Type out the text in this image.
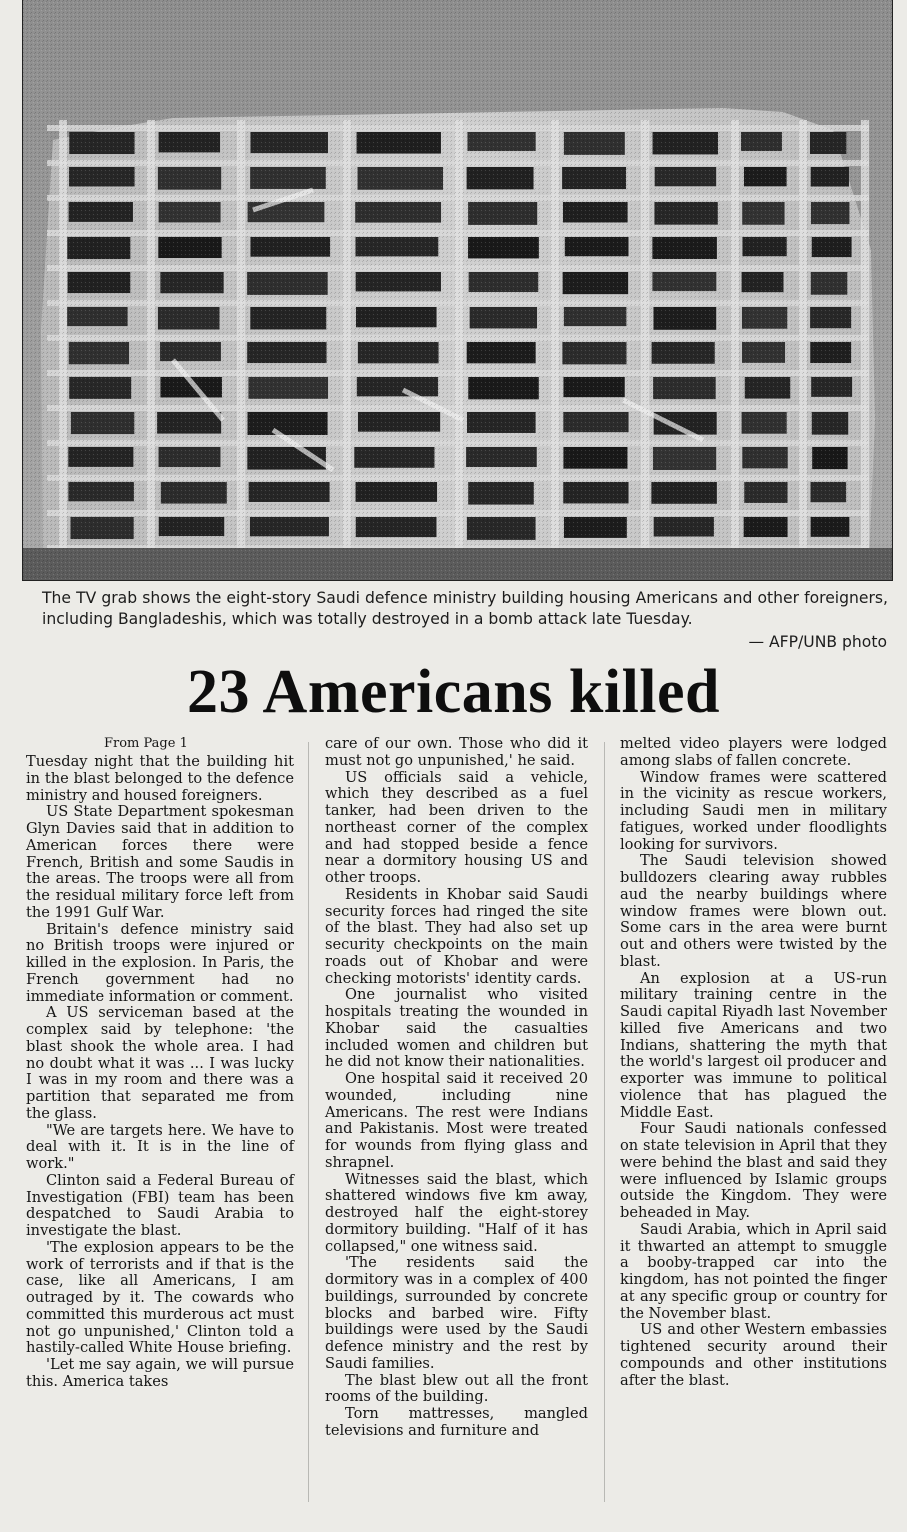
The TV grab shows the eight-story Saudi defence ministry building housing Americans and other foreigners, including Bangladeshis, which was totally destroyed in a bomb attack late Tuesday.

— AFP/UNB photo
23 Americans killed
From Page 1

Tuesday night that the building hit in the blast belonged to the defence ministry and housed foreigners.

US State Department spokesman Glyn Davies said that in addition to American forces there were French, British and some Saudis in the areas. The troops were all from the residual military force left from the 1991 Gulf War.

Britain's defence ministry said no British troops were injured or killed in the explosion. In Paris, the French government had no immediate information or comment.

A US serviceman based at the complex said by telephone: 'the blast shook the whole area. I had no doubt what it was ... I was lucky I was in my room and there was a partition that separated me from the glass.

"We are targets here. We have to deal with it. It is in the line of work."

Clinton said a Federal Bureau of Investigation (FBI) team has been despatched to Saudi Arabia to investigate the blast.

'The explosion appears to be the work of terrorists and if that is the case, like all Americans, I am outraged by it. The cowards who committed this murderous act must not go unpunished,' Clinton told a hastily-called White House briefing.

'Let me say again, we will pursue this. America takes

care of our own. Those who did it must not go unpunished,' he said.

US officials said a vehicle, which they described as a fuel tanker, had been driven to the northeast corner of the complex and had stopped beside a fence near a dormitory housing US and other troops.

Residents in Khobar said Saudi security forces had ringed the site of the blast. They had also set up security checkpoints on the main roads out of Khobar and were checking motorists' identity cards.

One journalist who visited hospitals treating the wounded in Khobar said the casualties included women and children but he did not know their nationalities.

One hospital said it received 20 wounded, including nine Americans. The rest were Indians and Pakistanis. Most were treated for wounds from flying glass and shrapnel.

Witnesses said the blast, which shattered windows five km away, destroyed half the eight-storey dormitory building. "Half of it has collapsed," one witness said.

'The residents said the dormitory was in a complex of 400 buildings, surrounded by concrete blocks and barbed wire. Fifty buildings were used by the Saudi defence ministry and the rest by Saudi families.

The blast blew out all the front rooms of the building.

Torn mattresses, mangled televisions and furniture and

melted video players were lodged among slabs of fallen concrete.

Window frames were scattered in the vicinity as rescue workers, including Saudi men in military fatigues, worked under floodlights looking for survivors.

The Saudi television showed bulldozers clearing away rubbles aud the nearby buildings where window frames were blown out. Some cars in the area were burnt out and others were twisted by the blast.

An explosion at a US-run military training centre in the Saudi capital Riyadh last November killed five Americans and two Indians, shattering the myth that the world's largest oil producer and exporter was immune to political violence that has plagued the Middle East.

Four Saudi nationals confessed on state television in April that they were behind the blast and said they were influenced by Islamic groups outside the Kingdom. They were beheaded in May.

Saudi Arabia, which in April said it thwarted an attempt to smuggle a booby-trapped car into the kingdom, has not pointed the finger at any specific group or country for the November blast.

US and other Western embassies tightened security around their compounds and other institutions after the blast.
